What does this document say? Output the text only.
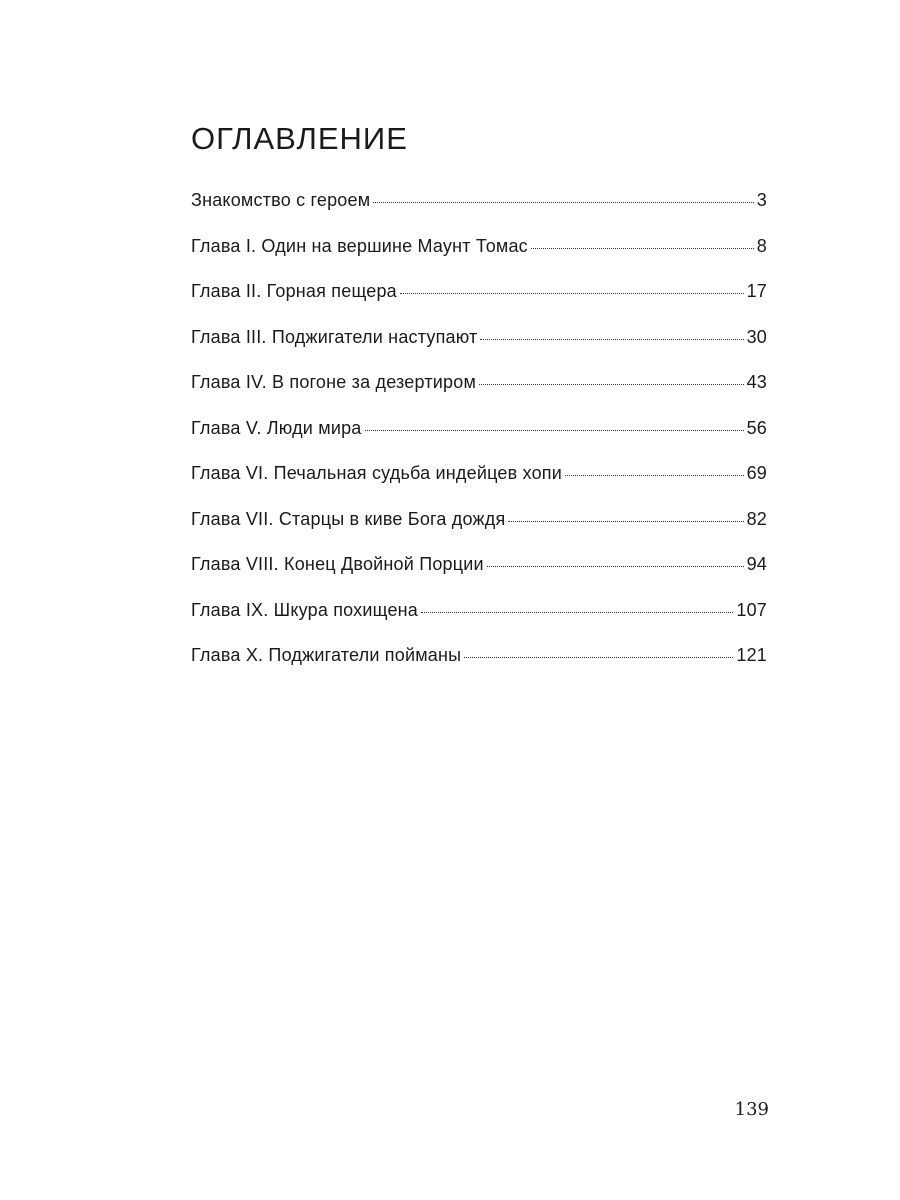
ОГЛАВЛЕНИЕ
Знакомство с героем	3
Глава I. Один на вершине Маунт Томас	8
Глава II. Горная пещера	17
Глава III. Поджигатели наступают	30
Глава IV. В погоне за дезертиром	43
Глава V. Люди мира	56
Глава VI. Печальная судьба индейцев хопи	69
Глава VII. Старцы в киве Бога дождя	82
Глава VIII. Конец Двойной Порции	94
Глава IX. Шкура похищена	107
Глава X. Поджигатели пойманы	121
139
